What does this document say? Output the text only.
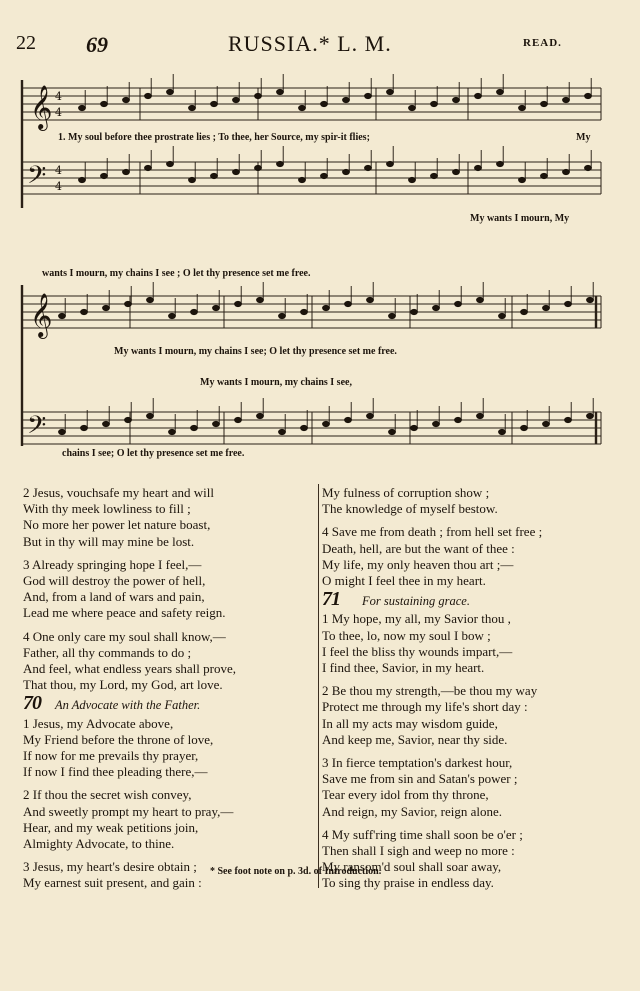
22 69	RUSSIA.* L. M.	READ.
𝄞
𝄢
4
4
4
4
𝄞
𝄢
1. My soul before thee prostrate lies ; To thee, her Source, my spir-it flies;	My
My wants I mourn, My
wants I mourn, my chains I see ; O let thy presence set me free.
My wants I mourn, my chains I see; O let thy presence set me free.
My wants I mourn, my chains I see,
chains I see; O let thy presence set me free.

2 Jesus, vouchsafe my heart and will

With thy meek lowliness to fill ;

No more her power let nature boast,

But in thy will may mine be lost.

3 Already springing hope I feel,—

God will destroy the power of hell,

And, from a land of wars and pain,

Lead me where peace and safety reign.

4 One only care my soul shall know,—

Father, all thy commands to do ;

And feel, what endless years shall prove,

That thou, my Lord, my God, art love.

70 An Advocate with the Father.

1 Jesus, my Advocate above,

My Friend before the throne of love,

If now for me prevails thy prayer,

If now I find thee pleading there,—

2 If thou the secret wish convey,

And sweetly prompt my heart to pray,—

Hear, and my weak petitions join,

Almighty Advocate, to thine.

3 Jesus, my heart's desire obtain ;

My earnest suit present, and gain :

My fulness of corruption show ;

The knowledge of myself bestow.

4 Save me from death ; from hell set free ;

Death, hell, are but the want of thee :

My life, my only heaven thou art ;—

O might I feel thee in my heart.

71 For sustaining grace.

1 My hope, my all, my Savior thou ,

To thee, lo, now my soul I bow ;

I feel the bliss thy wounds impart,—

I find thee, Savior, in my heart.

2 Be thou my strength,—be thou my way

Protect me through my life's short day :

In all my acts may wisdom guide,

And keep me, Savior, near thy side.

3 In fierce temptation's darkest hour,

Save me from sin and Satan's power ;

Tear every idol from thy throne,

And reign, my Savior, reign alone.

4 My suff'ring time shall soon be o'er ;

Then shall I sigh and weep no more :

My ransom'd soul shall soar away,

To sing thy praise in endless day.

* See foot note on p. 3d. of Introduction.
